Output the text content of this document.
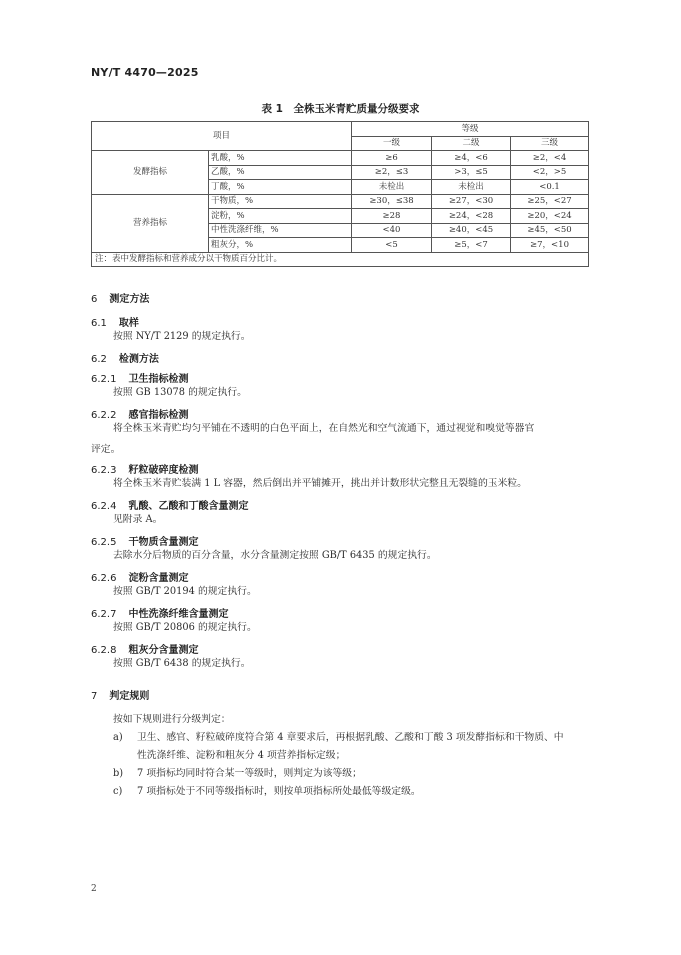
NY/T 4470—2025
表 1　全株玉米青贮质量分级要求
项目		等级		
		一级	二级	三级
发酵指标	乳酸，%	≥6	≥4，<6	≥2，<4
	乙酸，%	≥2，≤3	>3，≤5	<2，>5
	丁酸，%	未检出	未检出	<0.1
营养指标	干物质，%	≥30，≤38	≥27，<30	≥25，<27
	淀粉，%	≥28	≥24，<28	≥20，<24
	中性洗涤纤维，%	<40	≥40，<45	≥45，<50
	粗灰分，%	<5	≥5，<7	≥7，<10
注：表中发酵指标和营养成分以干物质百分比计。				
6 测定方法
6.1 取样
按照 NY/T 2129 的规定执行。
6.2 检测方法
6.2.1 卫生指标检测
按照 GB 13078 的规定执行。
6.2.2 感官指标检测
将全株玉米青贮均匀平铺在不透明的白色平面上，在自然光和空气流通下，通过视觉和嗅觉等器官
评定。
6.2.3 籽粒破碎度检测
将全株玉米青贮装满 1 L 容器，然后倒出并平铺摊开，挑出并计数形状完整且无裂缝的玉米粒。
6.2.4 乳酸、乙酸和丁酸含量测定
见附录 A。
6.2.5 干物质含量测定
去除水分后物质的百分含量，水分含量测定按照 GB/T 6435 的规定执行。
6.2.6 淀粉含量测定
按照 GB/T 20194 的规定执行。
6.2.7 中性洗涤纤维含量测定
按照 GB/T 20806 的规定执行。
6.2.8 粗灰分含量测定
按照 GB/T 6438 的规定执行。
7 判定规则
按如下规则进行分级判定：
a) 卫生、感官、籽粒破碎度符合第 4 章要求后，再根据乳酸、乙酸和丁酸 3 项发酵指标和干物质、中
性洗涤纤维、淀粉和粗灰分 4 项营养指标定级；
b) 7 项指标均同时符合某一等级时，则判定为该等级；
c) 7 项指标处于不同等级指标时，则按单项指标所处最低等级定级。
2
